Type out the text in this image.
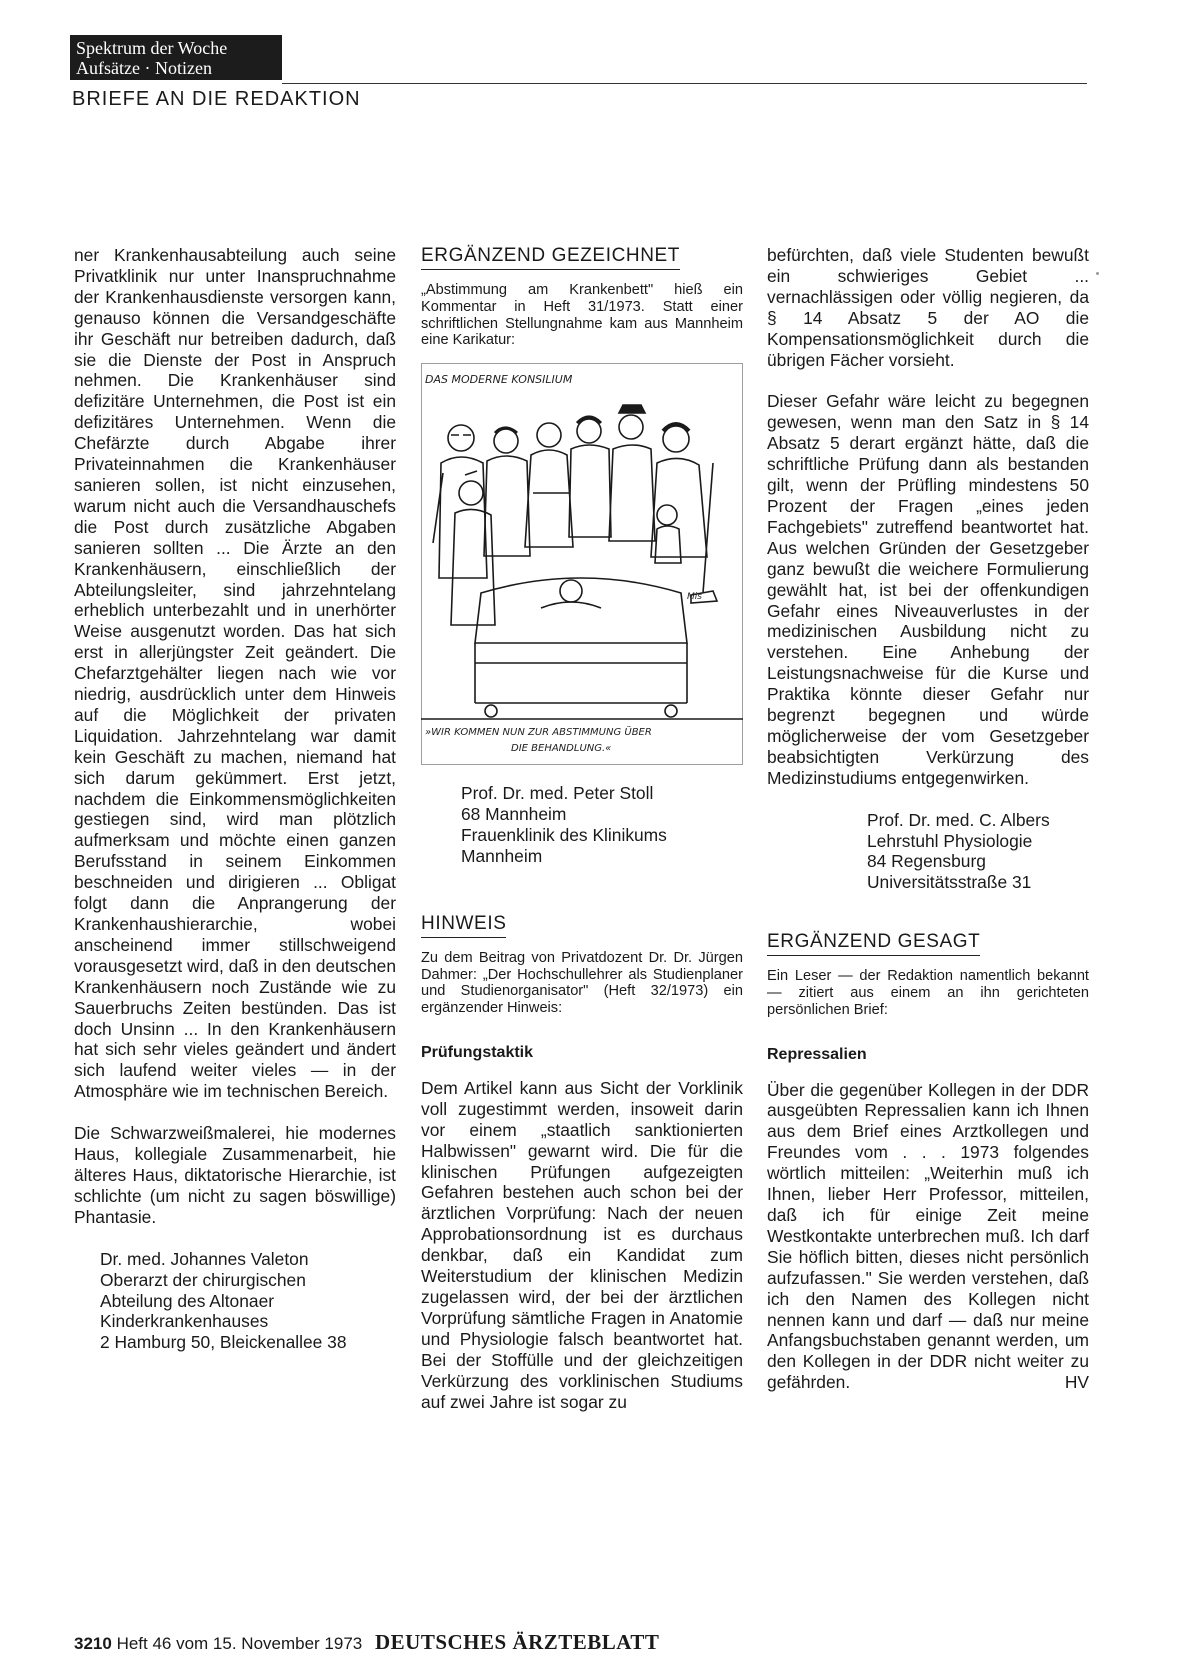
Spektrum der Woche
Aufsätze · Notizen
BRIEFE AN DIE REDAKTION

ner Krankenhausabteilung auch seine Privatklinik nur unter Inanspruchnahme der Krankenhausdienste versorgen kann, genauso können die Versandgeschäfte ihr Geschäft nur betreiben dadurch, daß sie die Dienste der Post in Anspruch nehmen. Die Krankenhäuser sind defizitäre Unternehmen, die Post ist ein defizitäres Unternehmen. Wenn die Chefärzte durch Abgabe ihrer Privateinnahmen die Krankenhäuser sanieren sollen, ist nicht einzusehen, warum nicht auch die Versandhauschefs die Post durch zusätzliche Abgaben sanieren sollten ... Die Ärzte an den Krankenhäusern, einschließlich der Abteilungsleiter, sind jahrzehntelang erheblich unterbezahlt und in unerhörter Weise ausgenutzt worden. Das hat sich erst in allerjüngster Zeit geändert. Die Chefarztgehälter liegen nach wie vor niedrig, ausdrücklich unter dem Hinweis auf die Möglichkeit der privaten Liquidation. Jahrzehntelang war damit kein Geschäft zu machen, niemand hat sich darum gekümmert. Erst jetzt, nachdem die Einkommensmöglichkeiten gestiegen sind, wird man plötzlich aufmerksam und möchte einen ganzen Berufsstand in seinem Einkommen beschneiden und dirigieren ... Obligat folgt dann die Anprangerung der Krankenhaushierarchie, wobei anscheinend immer stillschweigend vorausgesetzt wird, daß in den deutschen Krankenhäusern noch Zustände wie zu Sauerbruchs Zeiten bestünden. Das ist doch Unsinn ... In den Krankenhäusern hat sich sehr vieles geändert und ändert sich laufend weiter vieles — in der Atmosphäre wie im technischen Bereich.

Die Schwarzweißmalerei, hie modernes Haus, kollegiale Zusammenarbeit, hie älteres Haus, diktatorische Hierarchie, ist schlichte (um nicht zu sagen böswillige) Phantasie.

Dr. med. Johannes Valeton
Oberarzt der chirurgischen
Abteilung des Altonaer
Kinderkrankenhauses
2 Hamburg 50, Bleickenallee 38
ERGÄNZEND GEZEICHNET

„Abstimmung am Krankenbett" hieß ein Kommentar in Heft 31/1973. Statt einer schriftlichen Stellungnahme kam aus Mannheim eine Karikatur:

DAS MODERNE KONSILIUM
Mis
»WIR KOMMEN NUN ZUR ABSTIMMUNG ÜBER
DIE BEHANDLUNG.«
Prof. Dr. med. Peter Stoll
68 Mannheim
Frauenklinik des Klinikums
Mannheim
HINWEIS

Zu dem Beitrag von Privatdozent Dr. Dr. Jürgen Dahmer: „Der Hochschullehrer als Studienplaner und Studienorganisator" (Heft 32/1973) ein ergänzender Hinweis:

Prüfungstaktik

Dem Artikel kann aus Sicht der Vorklinik voll zugestimmt werden, insoweit darin vor einem „staatlich sanktionierten Halbwissen" gewarnt wird. Die für die klinischen Prüfungen aufgezeigten Gefahren bestehen auch schon bei der ärztlichen Vorprüfung: Nach der neuen Approbationsordnung ist es durchaus denkbar, daß ein Kandidat zum Weiterstudium der klinischen Medizin zugelassen wird, der bei der ärztlichen Vorprüfung sämtliche Fragen in Anatomie und Physiologie falsch beantwortet hat. Bei der Stoffülle und der gleichzeitigen Verkürzung des vorklinischen Studiums auf zwei Jahre ist sogar zu

befürchten, daß viele Studenten bewußt ein schwieriges Gebiet ... vernachlässigen oder völlig negieren, da § 14 Absatz 5 der AO die Kompensationsmöglichkeit durch die übrigen Fächer vorsieht.

Dieser Gefahr wäre leicht zu begegnen gewesen, wenn man den Satz in § 14 Absatz 5 derart ergänzt hätte, daß die schriftliche Prüfung dann als bestanden gilt, wenn der Prüfling mindestens 50 Prozent der Fragen „eines jeden Fachgebiets" zutreffend beantwortet hat. Aus welchen Gründen der Gesetzgeber ganz bewußt die weichere Formulierung gewählt hat, ist bei der offenkundigen Gefahr eines Niveauverlustes in der medizinischen Ausbildung nicht zu verstehen. Eine Anhebung der Leistungsnachweise für die Kurse und Praktika könnte dieser Gefahr nur begrenzt begegnen und würde möglicherweise der vom Gesetzgeber beabsichtigten Verkürzung des Medizinstudiums entgegenwirken.

Prof. Dr. med. C. Albers
Lehrstuhl Physiologie
84 Regensburg
Universitätsstraße 31
ERGÄNZEND GESAGT

Ein Leser — der Redaktion namentlich bekannt — zitiert aus einem an ihn gerichteten persönlichen Brief:

Repressalien

Über die gegenüber Kollegen in der DDR ausgeübten Repressalien kann ich Ihnen aus dem Brief eines Arztkollegen und Freundes vom . . . 1973 folgendes wörtlich mitteilen: „Weiterhin muß ich Ihnen, lieber Herr Professor, mitteilen, daß ich für einige Zeit meine Westkontakte unterbrechen muß. Ich darf Sie höflich bitten, dieses nicht persönlich aufzufassen." Sie werden verstehen, daß ich den Namen des Kollegen nicht nennen kann und darf — daß nur meine Anfangsbuchstaben genannt werden, um den Kollegen in der DDR nicht weiter zu gefährden.	HV

3210 Heft 46 vom 15. November 1973 DEUTSCHES ÄRZTEBLATT
